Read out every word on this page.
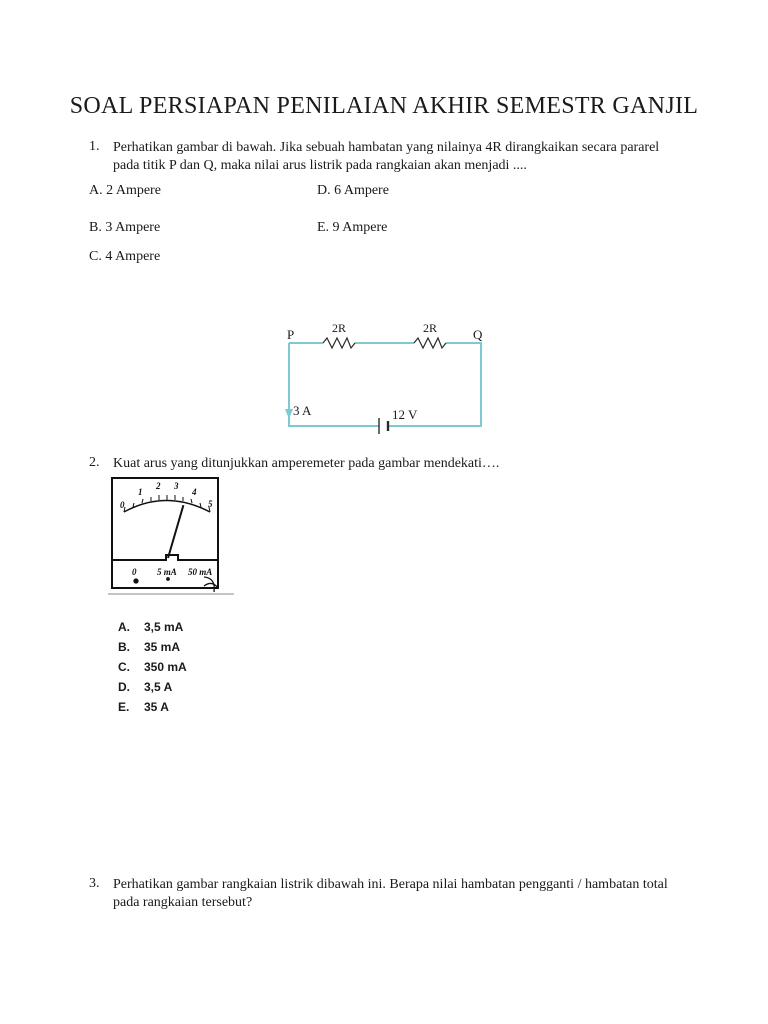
SOAL PERSIAPAN PENILAIAN AKHIR SEMESTR GANJIL
1. Perhatikan gambar di bawah. Jika sebuah hambatan yang nilainya 4R dirangkaikan secara pararel pada titik P dan Q, maka nilai arus listrik pada rangkaian akan menjadi ....
A. 2 Ampere	D. 6 Ampere
B. 3 Ampere	E. 9 Ampere
C. 4 Ampere
P	Q
2R	2R
3 A	12 V
2. Kuat arus yang ditunjukkan amperemeter pada gambar mendekati….
0
1
2 3
4
5
0 5 mA 50 mA
A. 3,5 mA
B. 35 mA
C. 350 mA
D. 3,5 A
E. 35 A
3. Perhatikan gambar rangkaian listrik dibawah ini. Berapa nilai hambatan pengganti / hambatan total pada rangkaian tersebut?
